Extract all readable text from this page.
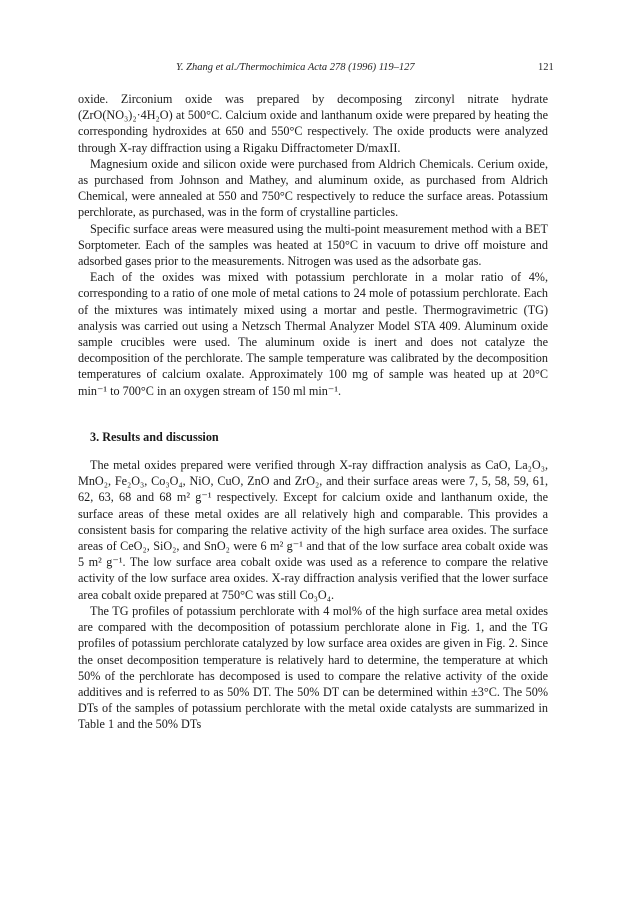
Y. Zhang et al./Thermochimica Acta 278 (1996) 119–127	121

oxide. Zirconium oxide was prepared by decomposing zirconyl nitrate hydrate (ZrO(NO₃)₂·4H₂O) at 500°C. Calcium oxide and lanthanum oxide were prepared by heating the corresponding hydroxides at 650 and 550°C respectively. The oxide products were analyzed through X-ray diffraction using a Rigaku Diffractometer D/maxII.

Magnesium oxide and silicon oxide were purchased from Aldrich Chemicals. Cerium oxide, as purchased from Johnson and Mathey, and aluminum oxide, as purchased from Aldrich Chemical, were annealed at 550 and 750°C respectively to reduce the surface areas. Potassium perchlorate, as purchased, was in the form of crystalline particles.

Specific surface areas were measured using the multi-point measurement method with a BET Sorptometer. Each of the samples was heated at 150°C in vacuum to drive off moisture and adsorbed gases prior to the measurements. Nitrogen was used as the adsorbate gas.

Each of the oxides was mixed with potassium perchlorate in a molar ratio of 4%, corresponding to a ratio of one mole of metal cations to 24 mole of potassium perchlorate. Each of the mixtures was intimately mixed using a mortar and pestle. Thermogravimetric (TG) analysis was carried out using a Netzsch Thermal Analyzer Model STA 409. Aluminum oxide sample crucibles were used. The aluminum oxide is inert and does not catalyze the decomposition of the perchlorate. The sample temperature was calibrated by the decomposition temperatures of calcium oxalate. Approximately 100 mg of sample was heated up at 20°C min⁻¹ to 700°C in an oxygen stream of 150 ml min⁻¹.

3. Results and discussion

The metal oxides prepared were verified through X-ray diffraction analysis as CaO, La₂O₃, MnO₂, Fe₂O₃, Co₃O₄, NiO, CuO, ZnO and ZrO₂, and their surface areas were 7, 5, 58, 59, 61, 62, 63, 68 and 68 m² g⁻¹ respectively. Except for calcium oxide and lanthanum oxide, the surface areas of these metal oxides are all relatively high and comparable. This provides a consistent basis for comparing the relative activity of the high surface area oxides. The surface areas of CeO₂, SiO₂, and SnO₂ were 6 m² g⁻¹ and that of the low surface area cobalt oxide was 5 m² g⁻¹. The low surface area cobalt oxide was used as a reference to compare the relative activity of the low surface area oxides. X-ray diffraction analysis verified that the lower surface area cobalt oxide prepared at 750°C was still Co₃O₄.

The TG profiles of potassium perchlorate with 4 mol% of the high surface area metal oxides are compared with the decomposition of potassium perchlorate alone in Fig. 1, and the TG profiles of potassium perchlorate catalyzed by low surface area oxides are given in Fig. 2. Since the onset decomposition temperature is relatively hard to determine, the temperature at which 50% of the perchlorate has decomposed is used to compare the relative activity of the oxide additives and is referred to as 50% DT. The 50% DT can be determined within ±3°C. The 50% DTs of the samples of potassium perchlorate with the metal oxide catalysts are summarized in Table 1 and the 50% DTs
